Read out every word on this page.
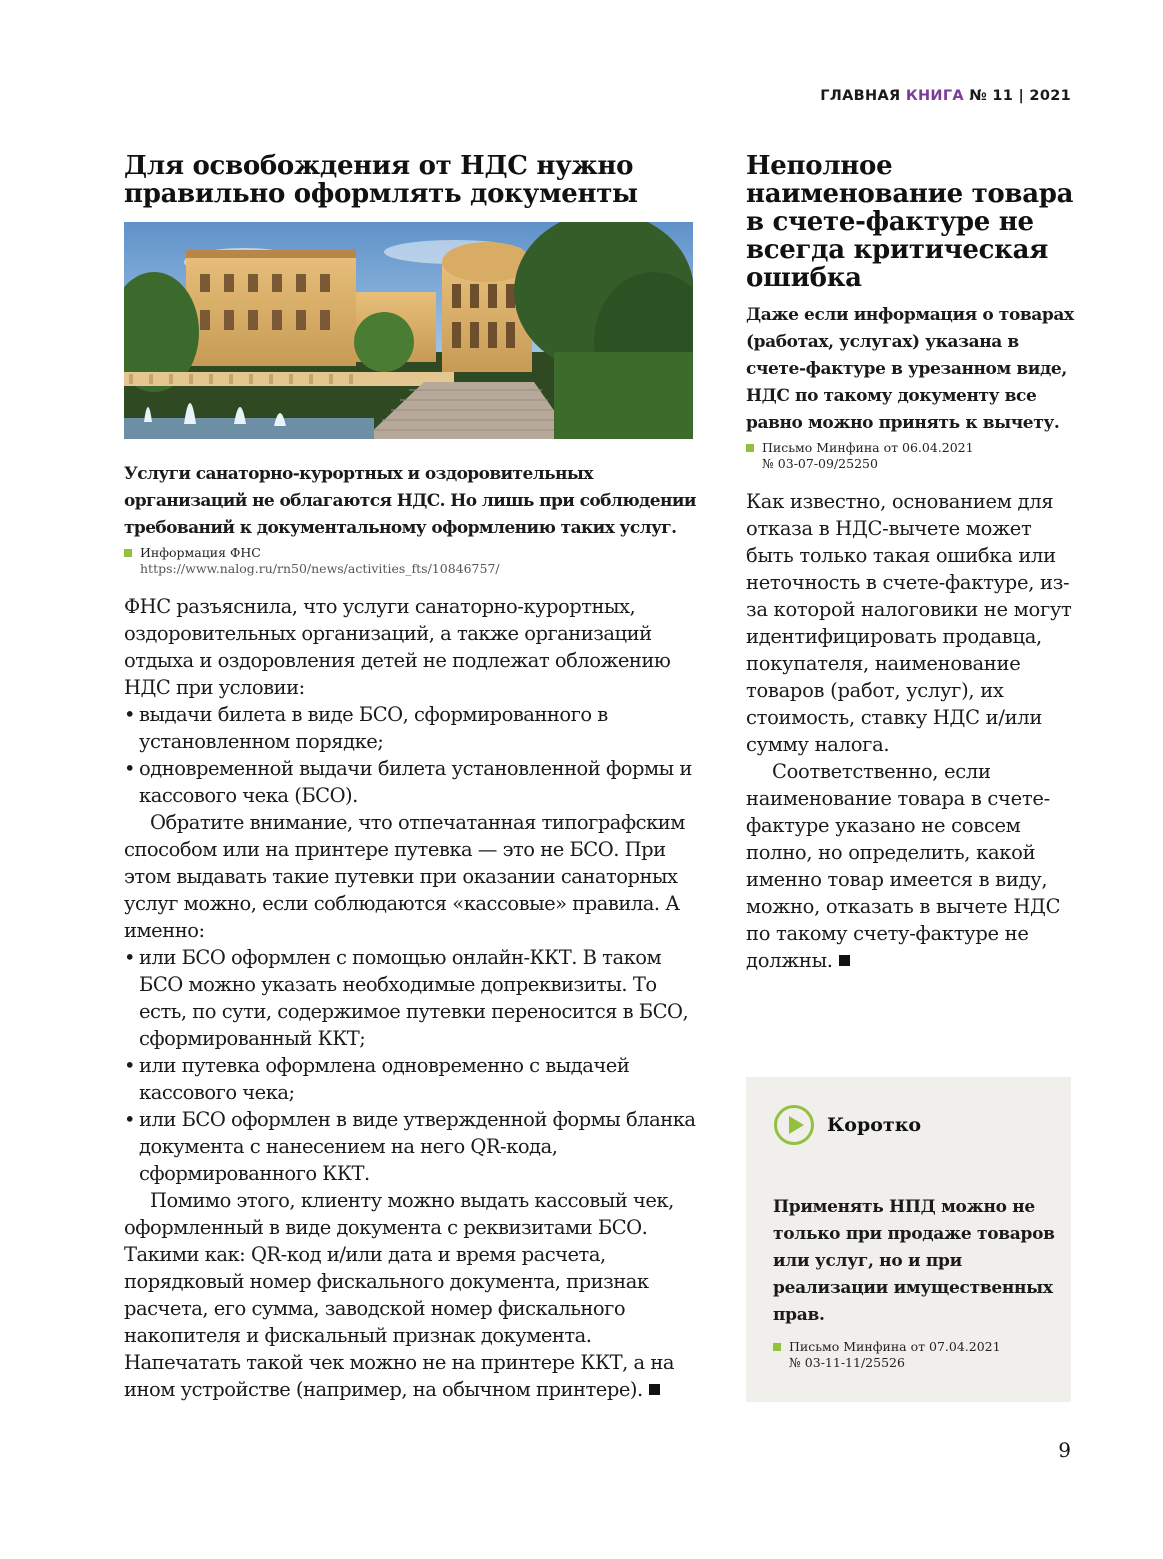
ГЛАВНАЯ КНИГА № 11 | 2021
Для освобождения от НДС нужно правильно оформлять документы
Услуги санаторно-курортных и оздоровительных организаций не облагаются НДС. Но лишь при соблюдении требований к документальному оформлению таких услуг.
Информация ФНС
https://www.nalog.ru/rn50/news/activities_fts/10846757/

ФНС разъяснила, что услуги санаторно-курортных, оздоровительных организаций, а также организаций отдыха и оздоровления детей не подлежат обложению НДС при условии:

• выдачи билета в виде БСО, сформированного в установленном порядке;
• одновременной выдачи билета установленной формы и кассового чека (БСО).

Обратите внимание, что отпечатанная типографским способом или на принтере путевка — это не БСО. При этом выдавать такие путевки при оказании санаторных услуг можно, если соблюдаются «кассовые» правила. А именно:

• или БСО оформлен с помощью онлайн-ККТ. В таком БСО можно указать необходимые допреквизиты. То есть, по сути, содержимое путевки переносится в БСО, сформированный ККТ;
• или путевка оформлена одновременно с выдачей кассового чека;
• или БСО оформлен в виде утвержденной формы бланка документа с нанесением на него QR-кода, сформированного ККТ.

Помимо этого, клиенту можно выдать кассовый чек, оформленный в виде документа с реквизитами БСО. Такими как: QR-код и/или дата и время расчета, порядковый номер фискального документа, признак расчета, его сумма, заводской номер фискального накопителя и фискальный признак документа. Напечатать такой чек можно не на принтере ККТ, а на ином устройстве (например, на обычном принтере).

Неполное наименование товара в счете-фактуре не всегда критическая ошибка
Даже если информация о товарах (работах, услугах) указана в счете-фактуре в урезанном виде, НДС по такому документу все равно можно принять к вычету.
Письмо Минфина от 06.04.2021
№ 03-07-09/25250

Как известно, основанием для отказа в НДС-вычете может быть только такая ошибка или неточность в счете-фактуре, из-за которой налоговики не могут идентифицировать продавца, покупателя, наименование товаров (работ, услуг), их стоимость, ставку НДС и/или сумму налога.

Соответственно, если наименование товара в счете-фактуре указано не совсем полно, но определить, какой именно товар имеется в виду, можно, отказать в вычете НДС по такому счету-фактуре не должны.

Коротко
Применять НПД можно не только при продаже товаров или услуг, но и при реализации имущественных прав.
Письмо Минфина от 07.04.2021
№ 03-11-11/25526
9
